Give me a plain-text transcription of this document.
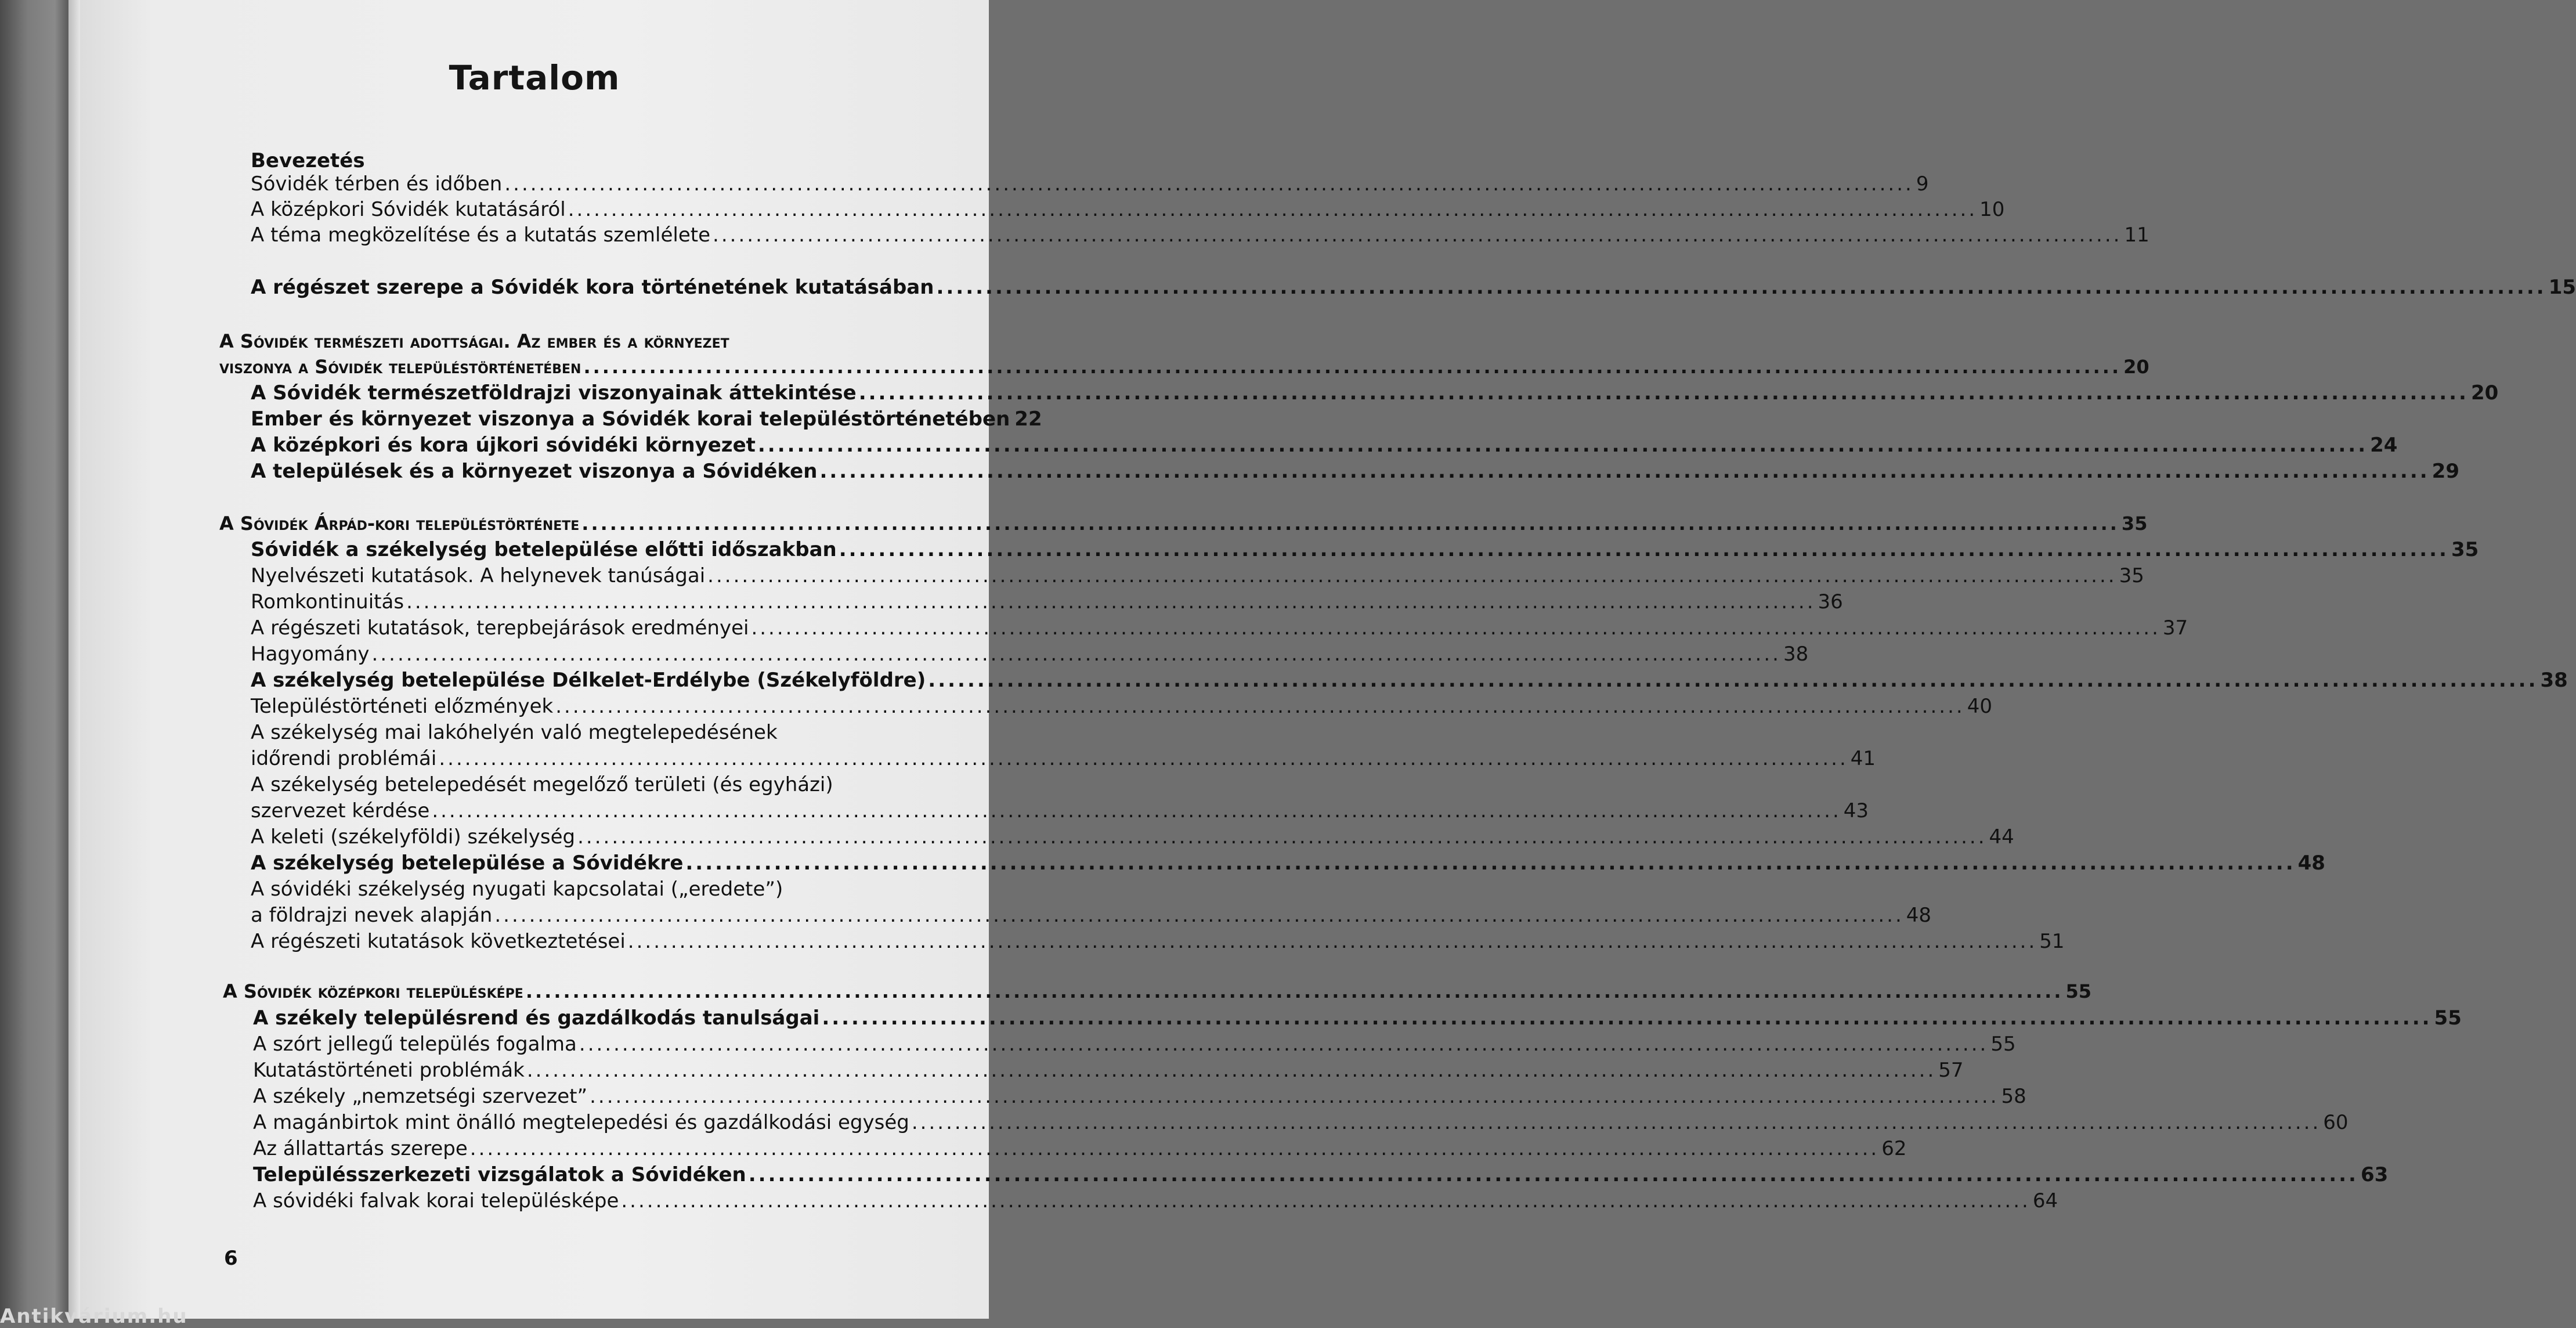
Tartalom
Bevezetés
Sóvidék térben és időben .....	9
A középkori Sóvidék kutatásáról .....	10
A téma megközelítése és a kutatás szemlélete .....	11
A régészet szerepe a Sóvidék kora történetének kutatásában .....	15
A Sóvidék természeti adottságai. Az ember és a környezet
viszonya a Sóvidék településtörténetében .....	20
A Sóvidék természetföldrajzi viszonyainak áttekintése .....	20
Ember és környezet viszonya a Sóvidék korai településtörténetében 22
A középkori és kora újkori sóvidéki környezet .....	24
A települések és a környezet viszonya a Sóvidéken .....	29
A Sóvidék Árpád-kori településtörténete .....	35
Sóvidék a székelység betelepülése előtti időszakban .....	35
Nyelvészeti kutatások. A helynevek tanúságai .....	35
Romkontinuitás .....	36
A régészeti kutatások, terepbejárások eredményei .....	37
Hagyomány .....	38
A székelység betelepülése Délkelet-Erdélybe (Székelyföldre) .....	38
Településtörténeti előzmények .....	40
A székelység mai lakóhelyén való megtelepedésének
időrendi problémái .....	41
A székelység betelepedését megelőző területi (és egyházi)
szervezet kérdése .....	43
A keleti (székelyföldi) székelység .....	44
A székelység betelepülése a Sóvidékre .....	48
A sóvidéki székelység nyugati kapcsolatai („eredete”)
a földrajzi nevek alapján .....	48
A régészeti kutatások következtetései .....	51
A Sóvidék középkori településképe .....	55
A székely településrend és gazdálkodás tanulságai .....	55
A szórt jellegű település fogalma .....	55
Kutatástörténeti problémák .....	57
A székely „nemzetségi szervezet” .....	58
A magánbirtok mint önálló megtelepedési és gazdálkodási egység .....	60
Az állattartás szerepe .....	62
Településszerkezeti vizsgálatok a Sóvidéken .....	63
A sóvidéki falvak korai településképe .....	64
6
Antikvárium.hu
